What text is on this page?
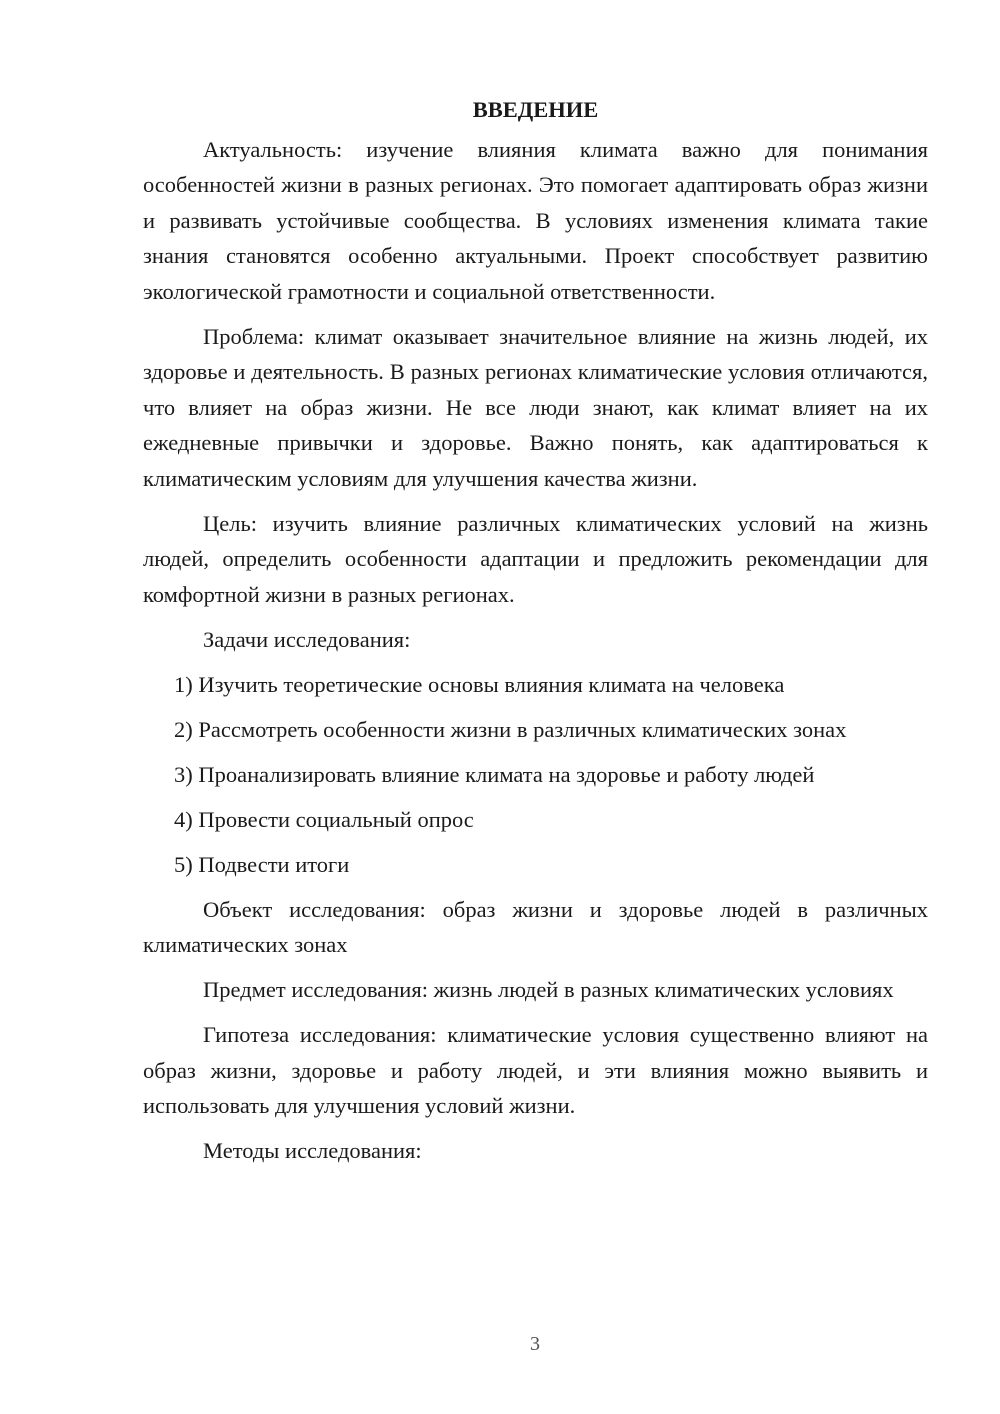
ВВЕДЕНИЕ

Актуальность: изучение влияния климата важно для понимания особенностей жизни в разных регионах. Это помогает адаптировать образ жизни и развивать устойчивые сообщества. В условиях изменения климата такие знания становятся особенно актуальными. Проект способствует развитию экологической грамотности и социальной ответственности.

Проблема: климат оказывает значительное влияние на жизнь людей, их здоровье и деятельность. В разных регионах климатические условия отличаются, что влияет на образ жизни. Не все люди знают, как климат влияет на их ежедневные привычки и здоровье. Важно понять, как адаптироваться к климатическим условиям для улучшения качества жизни.

Цель: изучить влияние различных климатических условий на жизнь людей, определить особенности адаптации и предложить рекомендации для комфортной жизни в разных регионах.

Задачи исследования:

1) Изучить теоретические основы влияния климата на человека
2) Рассмотреть особенности жизни в различных климатических зонах
3) Проанализировать влияние климата на здоровье и работу людей
4) Провести социальный опрос
5) Подвести итоги

Объект исследования: образ жизни и здоровье людей в различных климатических зонах

Предмет исследования: жизнь людей в разных климатических условиях

Гипотеза исследования: климатические условия существенно влияют на образ жизни, здоровье и работу людей, и эти влияния можно выявить и использовать для улучшения условий жизни.

Методы исследования:

3
